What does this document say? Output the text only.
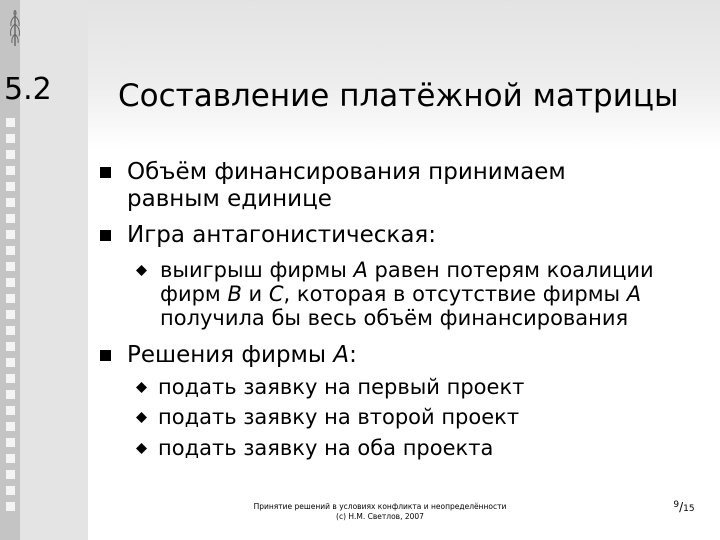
5.2 Составление платёжной матрицы
Объём финансирования принимаем
равным единице
Игра антагонистическая:
выигрыш фирмы A равен потерям коалиции
фирм B и C, которая в отсутствие фирмы A
получила бы весь объём финансирования
Решения фирмы A:
подать заявку на первый проект
подать заявку на второй проект
подать заявку на оба проекта
Принятие решений в условиях конфликта и неопределённости
(c) Н.М. Светлов, 2007
$^9$/15
